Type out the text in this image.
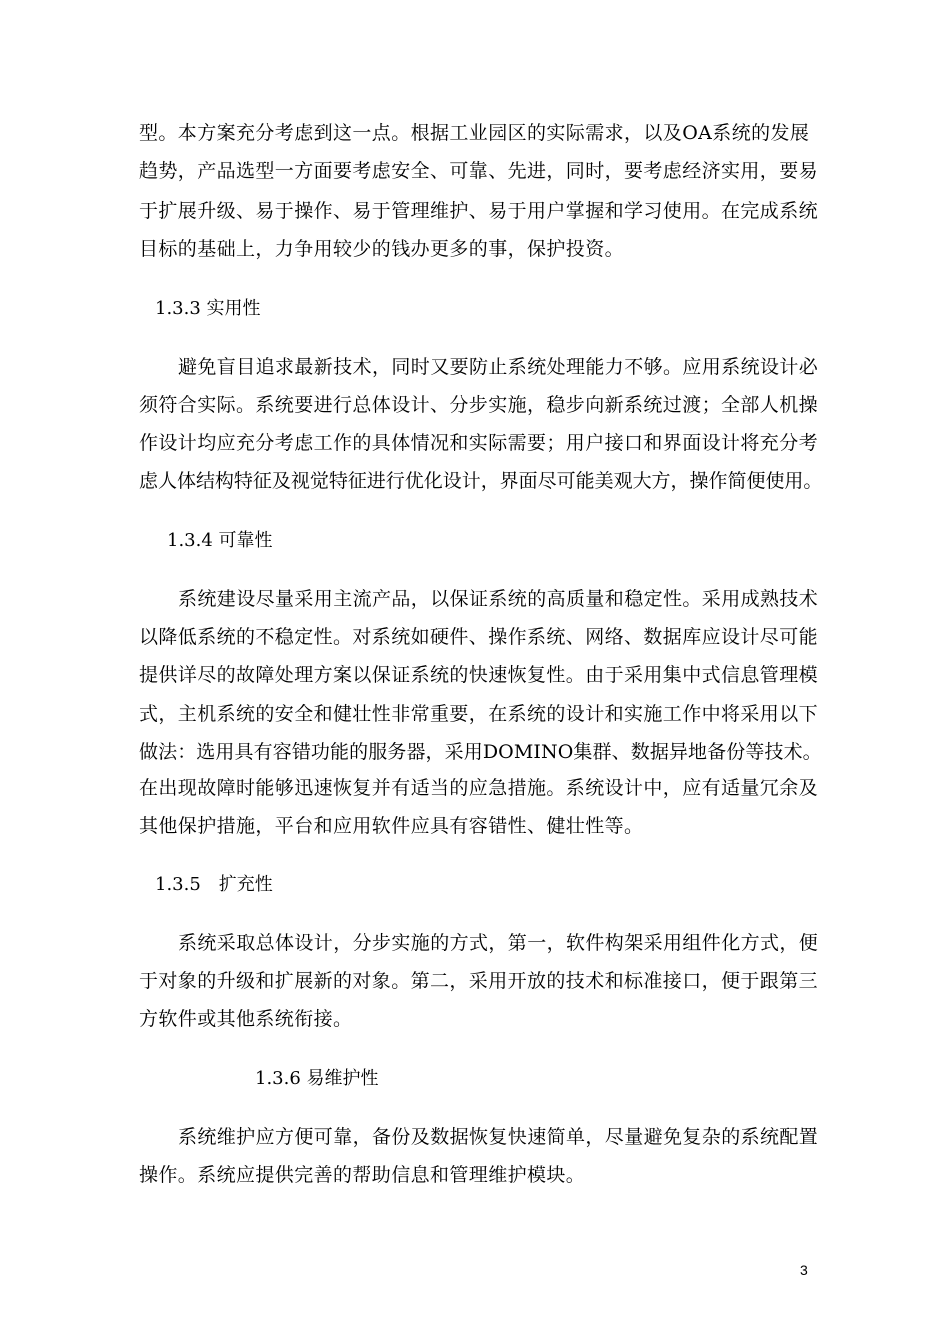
型。本方案充分考虑到这一点。根据工业园区的实际需求，以及OA系统的发展
趋势，产品选型一方面要考虑安全、可靠、先进，同时，要考虑经济实用，要易
于扩展升级、易于操作、易于管理维护、易于用户掌握和学习使用。在完成系统
目标的基础上，力争用较少的钱办更多的事，保护投资。
1.3.3 实用性
避免盲目追求最新技术，同时又要防止系统处理能力不够。应用系统设计必
须符合实际。系统要进行总体设计、分步实施，稳步向新系统过渡；全部人机操
作设计均应充分考虑工作的具体情况和实际需要；用户接口和界面设计将充分考
虑人体结构特征及视觉特征进行优化设计，界面尽可能美观大方，操作简便使用。
1.3.4 可靠性
系统建设尽量采用主流产品，以保证系统的高质量和稳定性。采用成熟技术
以降低系统的不稳定性。对系统如硬件、操作系统、网络、数据库应设计尽可能
提供详尽的故障处理方案以保证系统的快速恢复性。由于采用集中式信息管理模
式，主机系统的安全和健壮性非常重要，在系统的设计和实施工作中将采用以下
做法：选用具有容错功能的服务器，采用DOMINO集群、数据异地备份等技术。
在出现故障时能够迅速恢复并有适当的应急措施。系统设计中，应有适量冗余及
其他保护措施，平台和应用软件应具有容错性、健壮性等。
1.3.5　扩充性
系统采取总体设计，分步实施的方式，第一，软件构架采用组件化方式，便
于对象的升级和扩展新的对象。第二，采用开放的技术和标准接口，便于跟第三
方软件或其他系统衔接。
1.3.6 易维护性
系统维护应方便可靠，备份及数据恢复快速简单，尽量避免复杂的系统配置
操作。系统应提供完善的帮助信息和管理维护模块。
3
